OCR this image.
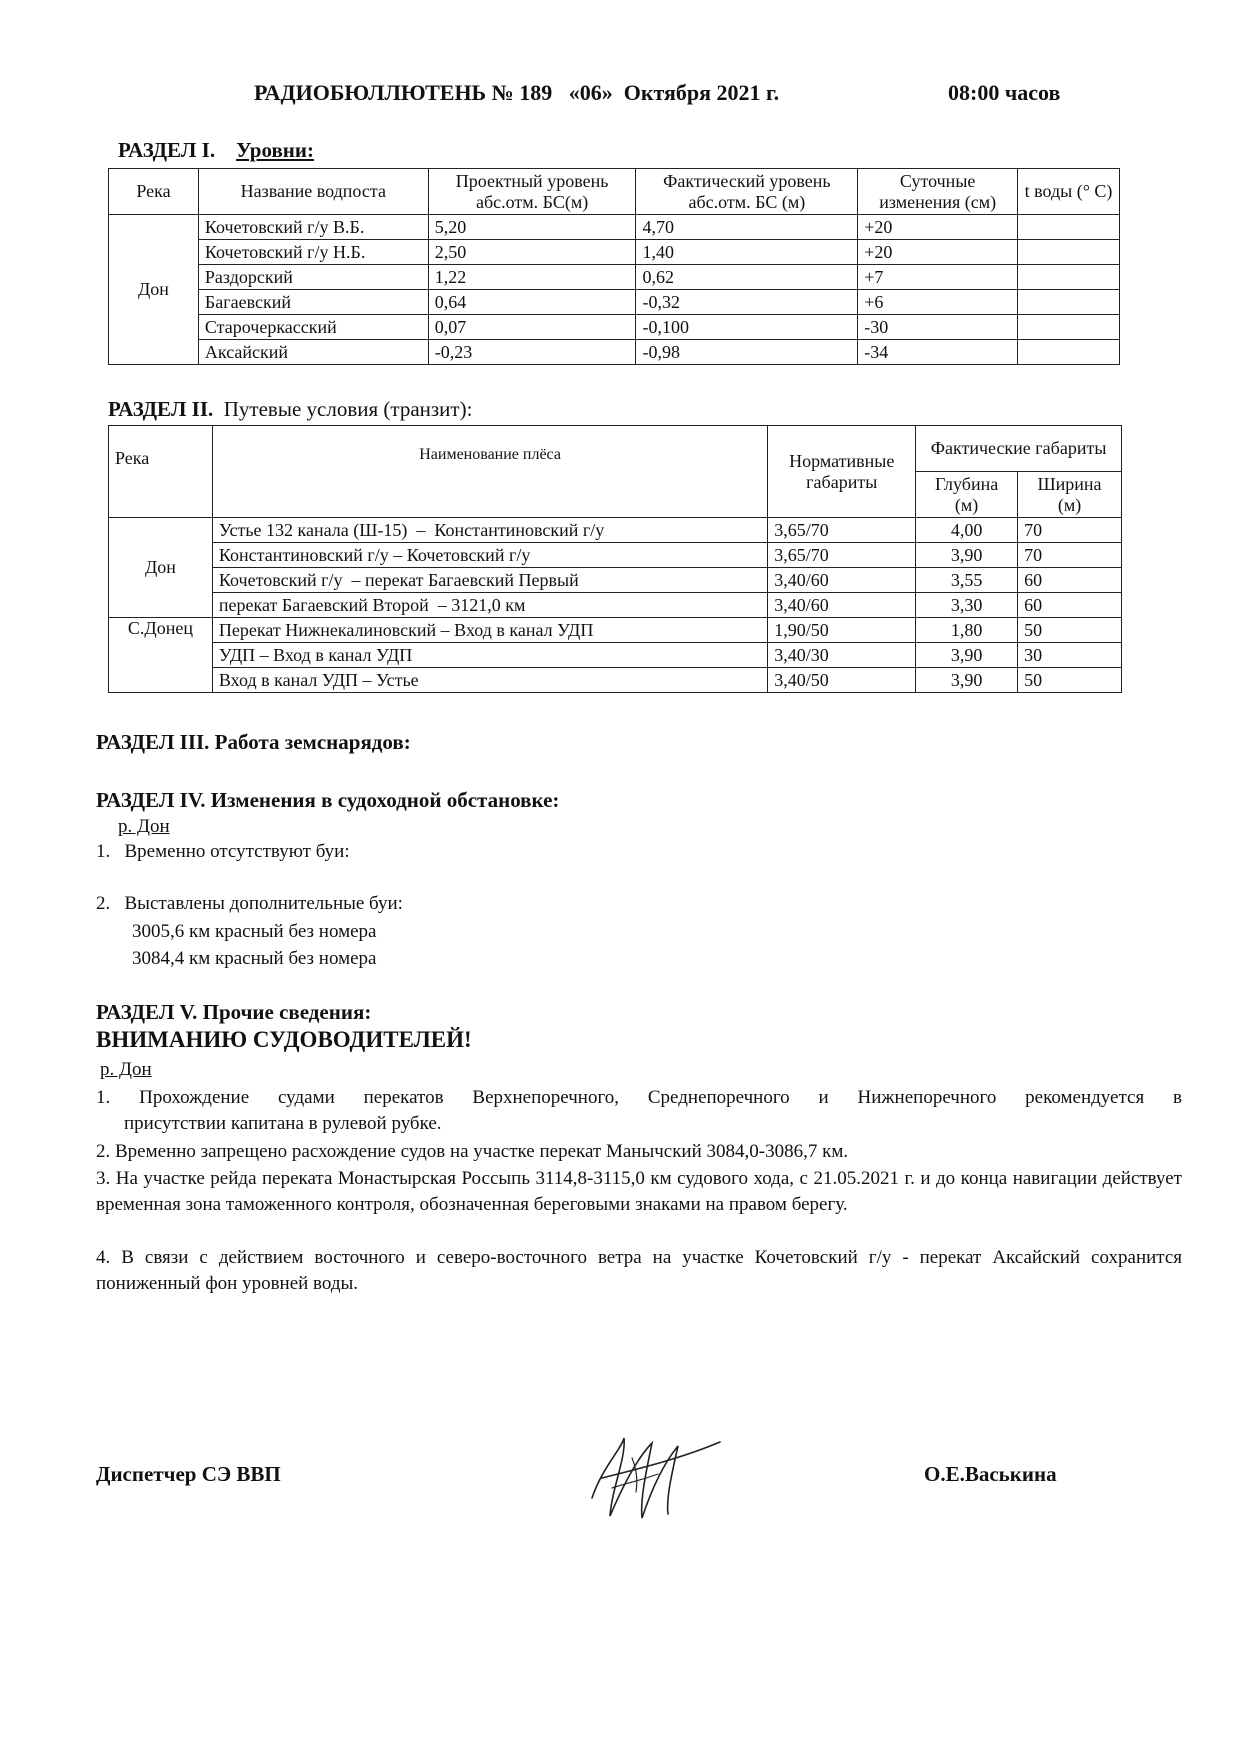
РАДИОБЮЛЛЮТЕНЬ № 189   «06»  Октября 2021 г.	08:00 часов
РАЗДЕЛ I. Уровни:
Река	Название водпоста	Проектный уровень абс.отм. БС(м)	Фактический уровень абс.отм. БС (м)	Суточные изменения (см)	t воды (° C)
Дон	Кочетовский г/у В.Б.	5,20	4,70	+20	
	Кочетовский г/у Н.Б.	2,50	1,40	+20	
	Раздорский	1,22	0,62	+7	
	Багаевский	0,64	-0,32	+6	
	Старочеркасский	0,07	-0,100	-30	
	Аксайский	-0,23	-0,98	-34	
РАЗДЕЛ II. Путевые условия (транзит):
Река	Наименование плёса	Нормативные габариты	Фактические габариты	
			Глубина (м)	Ширина (м)
Дон	Устье 132 канала (Ш-15)  –  Константиновский г/у	3,65/70	4,00	70
	Константиновский г/у – Кочетовский г/у	3,65/70	3,90	70
	Кочетовский г/у  – перекат Багаевский Первый	3,40/60	3,55	60
	перекат Багаевский Второй  – 3121,0 км	3,40/60	3,30	60
С.Донец	Перекат Нижнекалиновский – Вход в канал УДП	1,90/50	1,80	50
	УДП – Вход в канал УДП	3,40/30	3,90	30
	Вход в канал УДП – Устье	3,40/50	3,90	50
РАЗДЕЛ III. Работа земснарядов:
РАЗДЕЛ IV. Изменения в судоходной обстановке:
р. Дон
1.   Временно отсутствуют буи:
2.   Выставлены дополнительные буи:
3005,6 км красный без номера
3084,4 км красный без номера
РАЗДЕЛ V. Прочие сведения:
ВНИМАНИЮ СУДОВОДИТЕЛЕЙ!
р. Дон
1. Прохождение судами перекатов Верхнепоречного, Среднепоречного и Нижнепоречного рекомендуется в
присутствии капитана в рулевой рубке.
2. Временно запрещено расхождение судов на участке перекат Манычский 3084,0-3086,7 км.
3. На участке рейда переката Монастырская Россыпь 3114,8-3115,0 км судового хода, с 21.05.2021 г. и до конца навигации действует временная зона таможенного контроля, обозначенная береговыми знаками на правом берегу.
4. В связи с действием восточного и северо-восточного ветра на участке Кочетовский г/у - перекат Аксайский сохранится пониженный фон уровней воды.
Диспетчер СЭ ВВП	О.Е.Васькина
